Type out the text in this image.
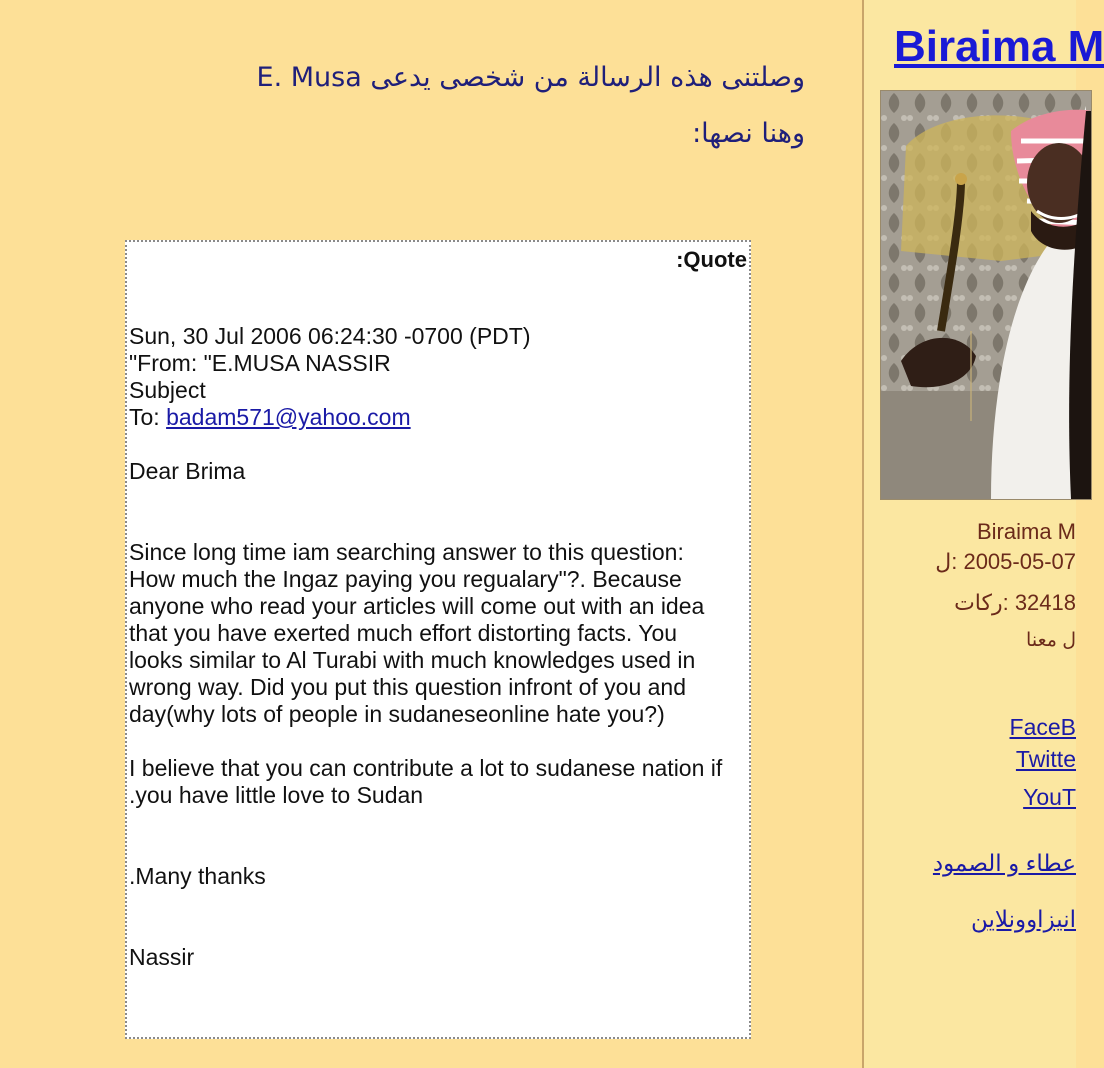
وصلتنى هذه الرسالة من شخصى يدعى E. Musa

وهنا نصها:

:Quote
Sun, 30 Jul 2006 06:24:30 -0700 (PDT)
"From: "E.MUSA NASSIR
Subject
To: badam571@yahoo.com
Dear Brima
Since long time iam searching answer to this question:
How much the Ingaz paying you regualary"?. Because
anyone who read your articles will come out with an idea
that you have exerted much effort distorting facts. You
looks similar to Al Turabi with much knowledges used in
wrong way. Did you put this question infront of you and
day(why lots of people in sudaneseonline hate you?)
I believe that you can contribute a lot to sudanese nation if
.you have little love to Sudan
.Many thanks
Nassir
Biraima M
Biraima M
2005-05-07 :ل
32418 :ركات
ل معنا
FaceB
Twitte
YouT
عطاء و الصمود
انيزاوونلاين
